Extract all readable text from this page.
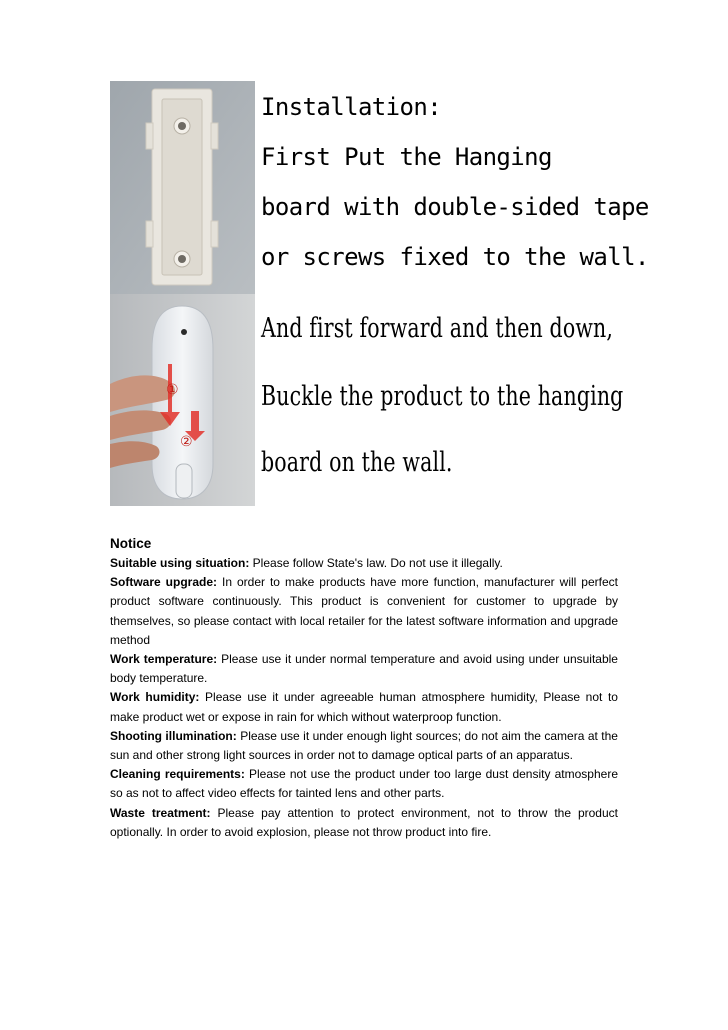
①
②
Installation:
First Put the Hanging
board with double-sided tape
or screws fixed to the wall.
And first forward and then down,
Buckle the product to the hanging
board on the wall.
Notice

Suitable using situation: Please follow State's law. Do not use it illegally.

Software upgrade: In order to make products have more function, manufacturer will perfect product software continuously. This product is convenient for customer to upgrade by themselves, so please contact with local retailer for the latest software information and upgrade method

Work temperature: Please use it under normal temperature and avoid using under unsuitable body temperature.

Work humidity: Please use it under agreeable human atmosphere humidity, Please not to make product wet or expose in rain for which without waterproop function.

Shooting illumination: Please use it under enough light sources; do not aim the camera at the sun and other strong light sources in order not to damage optical parts of an apparatus.

Cleaning requirements: Please not use the product under too large dust density atmosphere so as not to affect video effects for tainted lens and other parts.

Waste treatment: Please pay attention to protect environment, not to throw the product optionally. In order to avoid explosion, please not throw product into fire.
